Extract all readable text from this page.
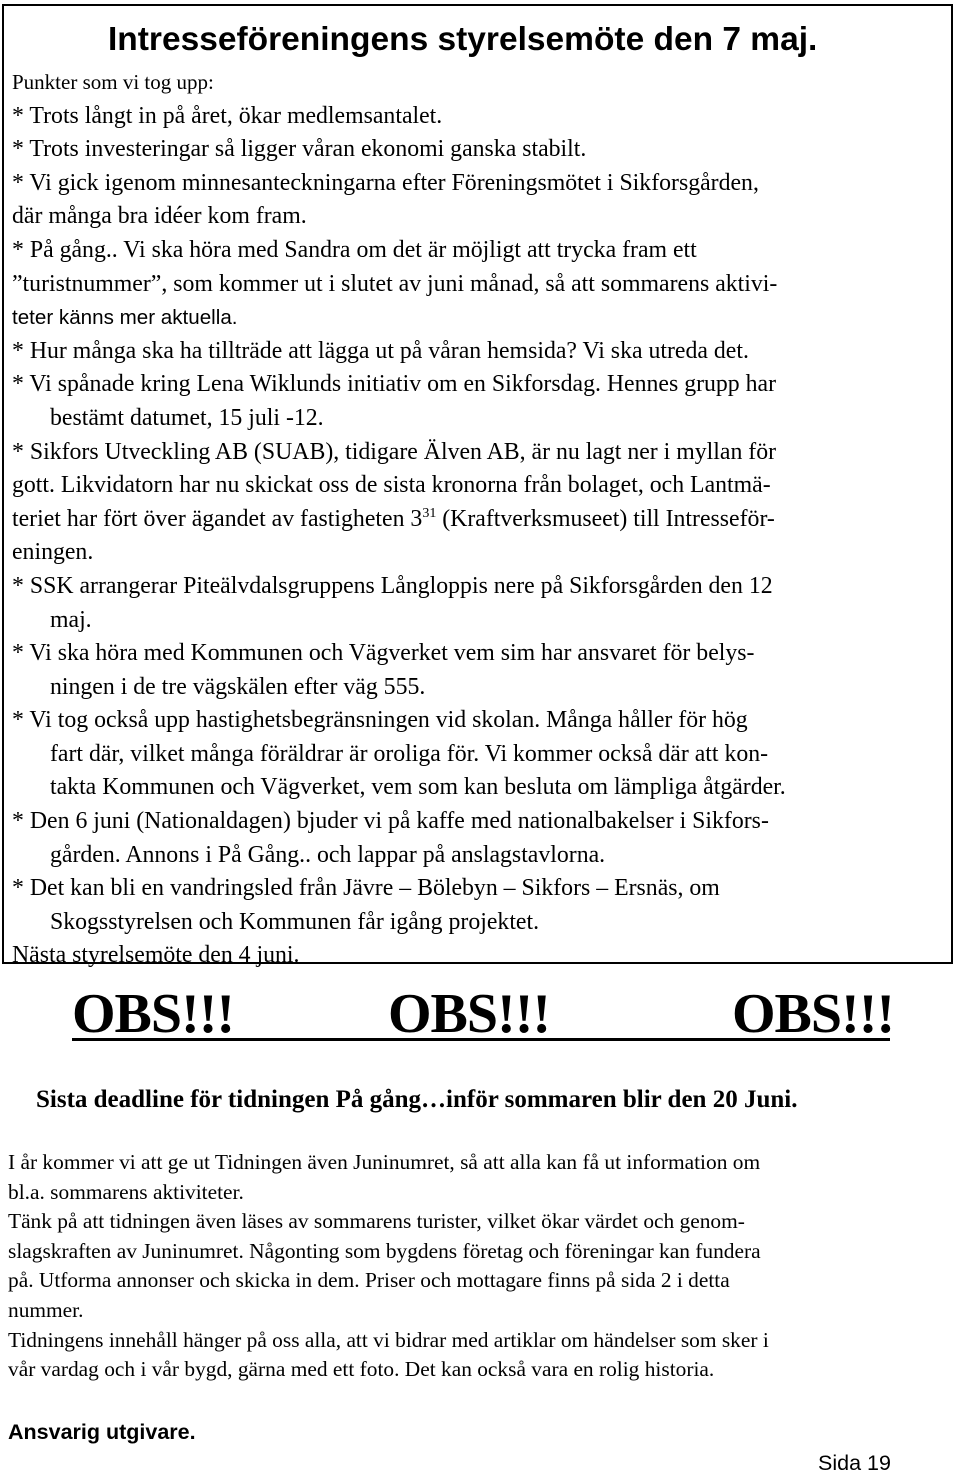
Intresseföreningens styrelsemöte den 7 maj.
Punkter som vi tog upp:
* Trots långt in på året, ökar medlemsantalet.
* Trots investeringar så ligger våran ekonomi ganska stabilt.
* Vi gick igenom minnesanteckningarna efter Föreningsmötet i Sikforsgården,
där många bra idéer kom fram.
* På gång.. Vi ska höra med Sandra om det är möjligt att trycka fram ett
”turistnummer”, som kommer ut i slutet av juni månad, så att sommarens aktivi-
teter känns mer aktuella.
* Hur många ska ha tillträde att lägga ut på våran hemsida? Vi ska utreda det.
* Vi spånade kring Lena Wiklunds initiativ om en Sikforsdag. Hennes grupp har
bestämt datumet, 15 juli -12.
* Sikfors Utveckling AB (SUAB), tidigare Älven AB, är nu lagt ner i myllan för
gott. Likvidatorn har nu skickat oss de sista kronorna från bolaget, och Lantmä-
teriet har fört över ägandet av fastigheten $3^{31}$ (Kraftverksmuseet) till Intresseför-
eningen.
* SSK arrangerar Piteälvdalsgruppens Långloppis nere på Sikforsgården den 12
maj.
* Vi ska höra med Kommunen och Vägverket vem sim har ansvaret för belys-
ningen i de tre vägskälen efter väg 555.
* Vi tog också upp hastighetsbegränsningen vid skolan. Många håller för hög
fart där, vilket många föräldrar är oroliga för. Vi kommer också där att kon-
takta Kommunen och Vägverket, vem som kan besluta om lämpliga åtgärder.
* Den 6 juni (Nationaldagen) bjuder vi på kaffe med nationalbakelser i Sikfors-
gården. Annons i På Gång.. och lappar på anslagstavlorna.
* Det kan bli en vandringsled från Jävre – Bölebyn – Sikfors – Ersnäs, om
Skogsstyrelsen och Kommunen får igång projektet.
Nästa styrelsemöte den 4 juni.
OBS!!!	OBS!!!	OBS!!!
Sista deadline för tidningen På gång…inför sommaren blir den 20 Juni.
I år kommer vi att ge ut Tidningen även Juninumret, så att alla kan få ut information om
bl.a. sommarens aktiviteter.
Tänk på att tidningen även läses av sommarens turister, vilket ökar värdet och genom-
slagskraften av Juninumret. Någonting som bygdens företag och föreningar kan fundera
på. Utforma annonser och skicka in dem. Priser och mottagare finns på sida 2 i detta
nummer.
Tidningens innehåll hänger på oss alla, att vi bidrar med artiklar om händelser som sker i
vår vardag och i vår bygd, gärna med ett foto. Det kan också vara en rolig historia.
Ansvarig utgivare.
Sida 19
